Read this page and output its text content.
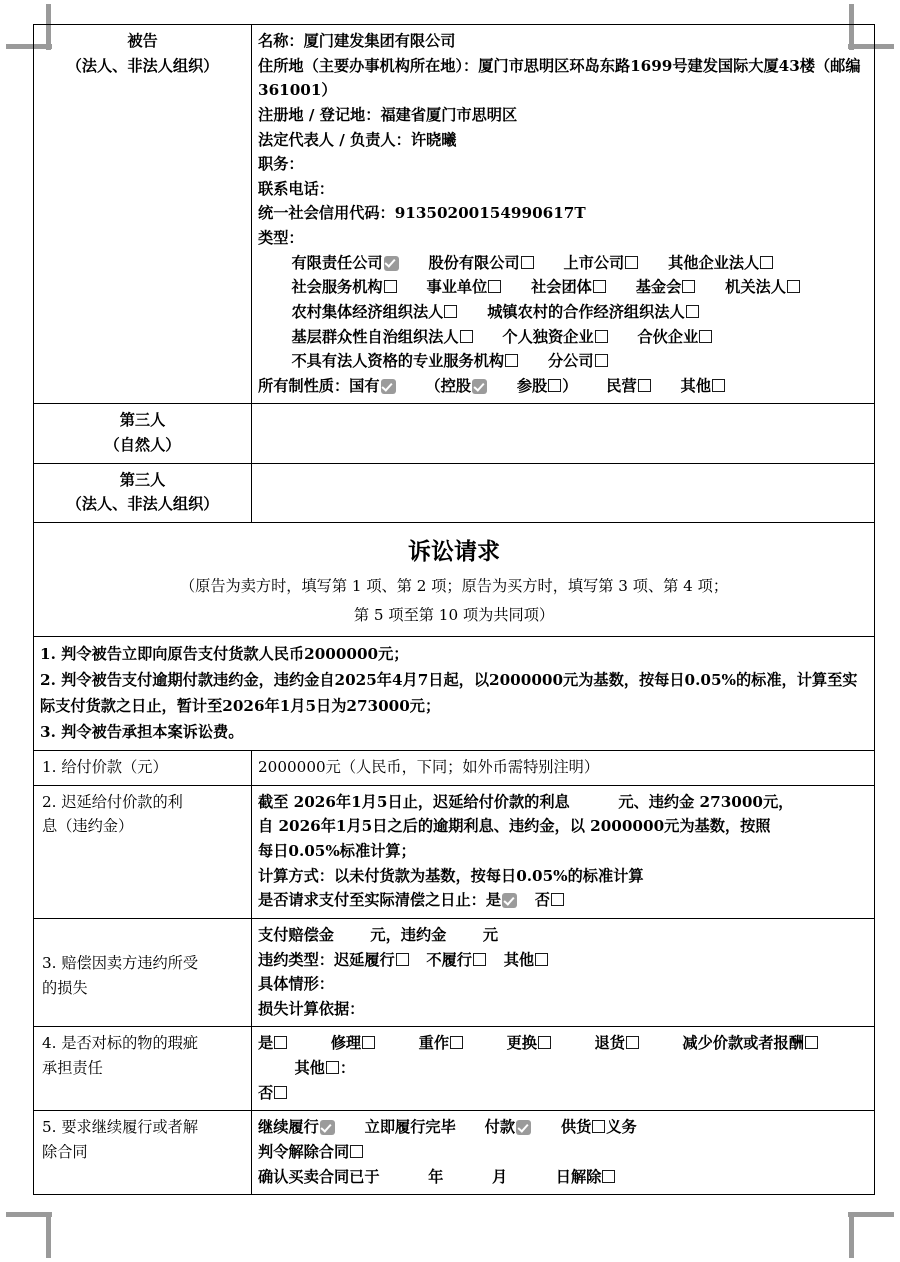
被告
（法人、非法人组织）

名称：厦门建发集团有限公司
住所地（主要办事机构所在地）：厦门市思明区环岛东路1699号建发国际大厦43楼（邮编361001）
注册地 / 登记地：福建省厦门市思明区
法定代表人 / 负责人：许晓曦
职务：
联系电话：
统一社会信用代码：91350200154990617T
类型：
有限责任公司	股份有限公司	上市公司	其他企业法人
社会服务机构	事业单位	社会团体	基金会	机关法人
农村集体经济组织法人	城镇农村的合作经济组织法人
基层群众性自治组织法人	个人独资企业	合伙企业
不具有法人资格的专业服务机构	分公司
所有制性质：国有	（控股	参股 ） 民营	其他

第三人
（自然人）	

第三人
（法人、非法人组织）	

诉讼请求
（原告为卖方时，填写第 1 项、第 2 项；原告为买方时，填写第 3 项、第 4 项；
第 5 项至第 10 项为共同项）	

1. 判令被告立即向原告支付货款人民币2000000元；
2. 判令被告支付逾期付款违约金，违约金自2025年4月7日起，以2000000元为基数，按每日0.05%的标准，计算至实际支付货款之日止，暂计至2026年1月5日为273000元；
3. 判令被告承担本案诉讼费。	

1. 给付价款（元）	2000000元（人民币，下同；如外币需特别注明）

2. 迟延给付价款的利
息（违约金）

截至 2026年1月5日止，迟延给付价款的利息	元、违约金 273000元，
自 2026年1月5日之后的逾期利息、违约金，以 2000000元为基数，按照
每日0.05%标准计算；
计算方式：以未付货款为基数，按每日0.05%的标准计算
是否请求支付至实际清偿之日止：是 否

3. 赔偿因卖方违约所受
的损失

支付赔偿金 元，违约金 元
违约类型：迟延履行 不履行 其他
具体情形：
损失计算依据：

4. 是否对标的物的瑕疵
承担责任

是	修理	重作	更换	退货	减少价款或者报酬
其他 ：
否

5. 要求继续履行或者解
除合同

继续履行	立即履行完毕 付款	供货 义务
判令解除合同
确认买卖合同已于	年	月	日解除
